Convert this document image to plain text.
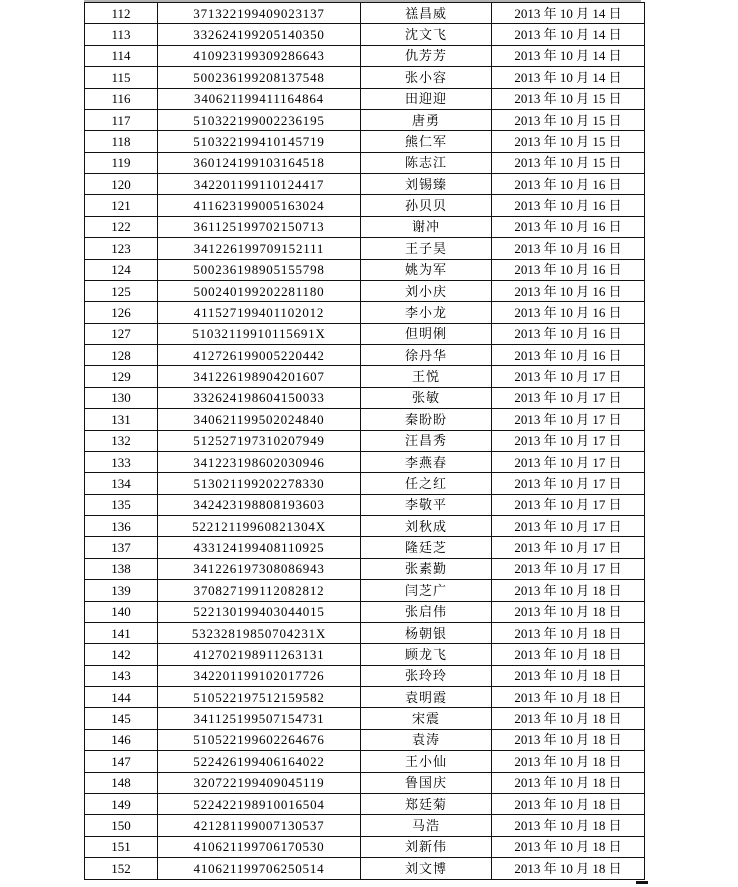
112	371322199409023137	禚昌威	2013 年 10 月 14 日
113	332624199205140350	沈文飞	2013 年 10 月 14 日
114	410923199309286643	仇芳芳	2013 年 10 月 14 日
115	500236199208137548	张小容	2013 年 10 月 14 日
116	340621199411164864	田迎迎	2013 年 10 月 15 日
117	510322199002236195	唐勇	2013 年 10 月 15 日
118	510322199410145719	熊仁军	2013 年 10 月 15 日
119	360124199103164518	陈志江	2013 年 10 月 15 日
120	342201199110124417	刘锡臻	2013 年 10 月 16 日
121	411623199005163024	孙贝贝	2013 年 10 月 16 日
122	361125199702150713	谢冲	2013 年 10 月 16 日
123	341226199709152111	王子昊	2013 年 10 月 16 日
124	500236198905155798	姚为军	2013 年 10 月 16 日
125	500240199202281180	刘小庆	2013 年 10 月 16 日
126	411527199401102012	李小龙	2013 年 10 月 16 日
127	51032119910115691X	但明俐	2013 年 10 月 16 日
128	412726199005220442	徐丹华	2013 年 10 月 16 日
129	341226198904201607	王悦	2013 年 10 月 17 日
130	332624198604150033	张敏	2013 年 10 月 17 日
131	340621199502024840	秦盼盼	2013 年 10 月 17 日
132	512527197310207949	汪昌秀	2013 年 10 月 17 日
133	341223198602030946	李燕春	2013 年 10 月 17 日
134	513021199202278330	任之红	2013 年 10 月 17 日
135	342423198808193603	李敬平	2013 年 10 月 17 日
136	52212119960821304X	刘秋成	2013 年 10 月 17 日
137	433124199408110925	隆廷芝	2013 年 10 月 17 日
138	341226197308086943	张素勤	2013 年 10 月 17 日
139	370827199112082812	闫芝广	2013 年 10 月 18 日
140	522130199403044015	张启伟	2013 年 10 月 18 日
141	53232819850704231X	杨朝银	2013 年 10 月 18 日
142	412702198911263131	顾龙飞	2013 年 10 月 18 日
143	342201199102017726	张玲玲	2013 年 10 月 18 日
144	510522197512159582	袁明霞	2013 年 10 月 18 日
145	341125199507154731	宋震	2013 年 10 月 18 日
146	510522199602264676	袁涛	2013 年 10 月 18 日
147	522426199406164022	王小仙	2013 年 10 月 18 日
148	320722199409045119	鲁国庆	2013 年 10 月 18 日
149	522422198910016504	郑廷菊	2013 年 10 月 18 日
150	421281199007130537	马浩	2013 年 10 月 18 日
151	410621199706170530	刘新伟	2013 年 10 月 18 日
152	410621199706250514	刘文博	2013 年 10 月 18 日
